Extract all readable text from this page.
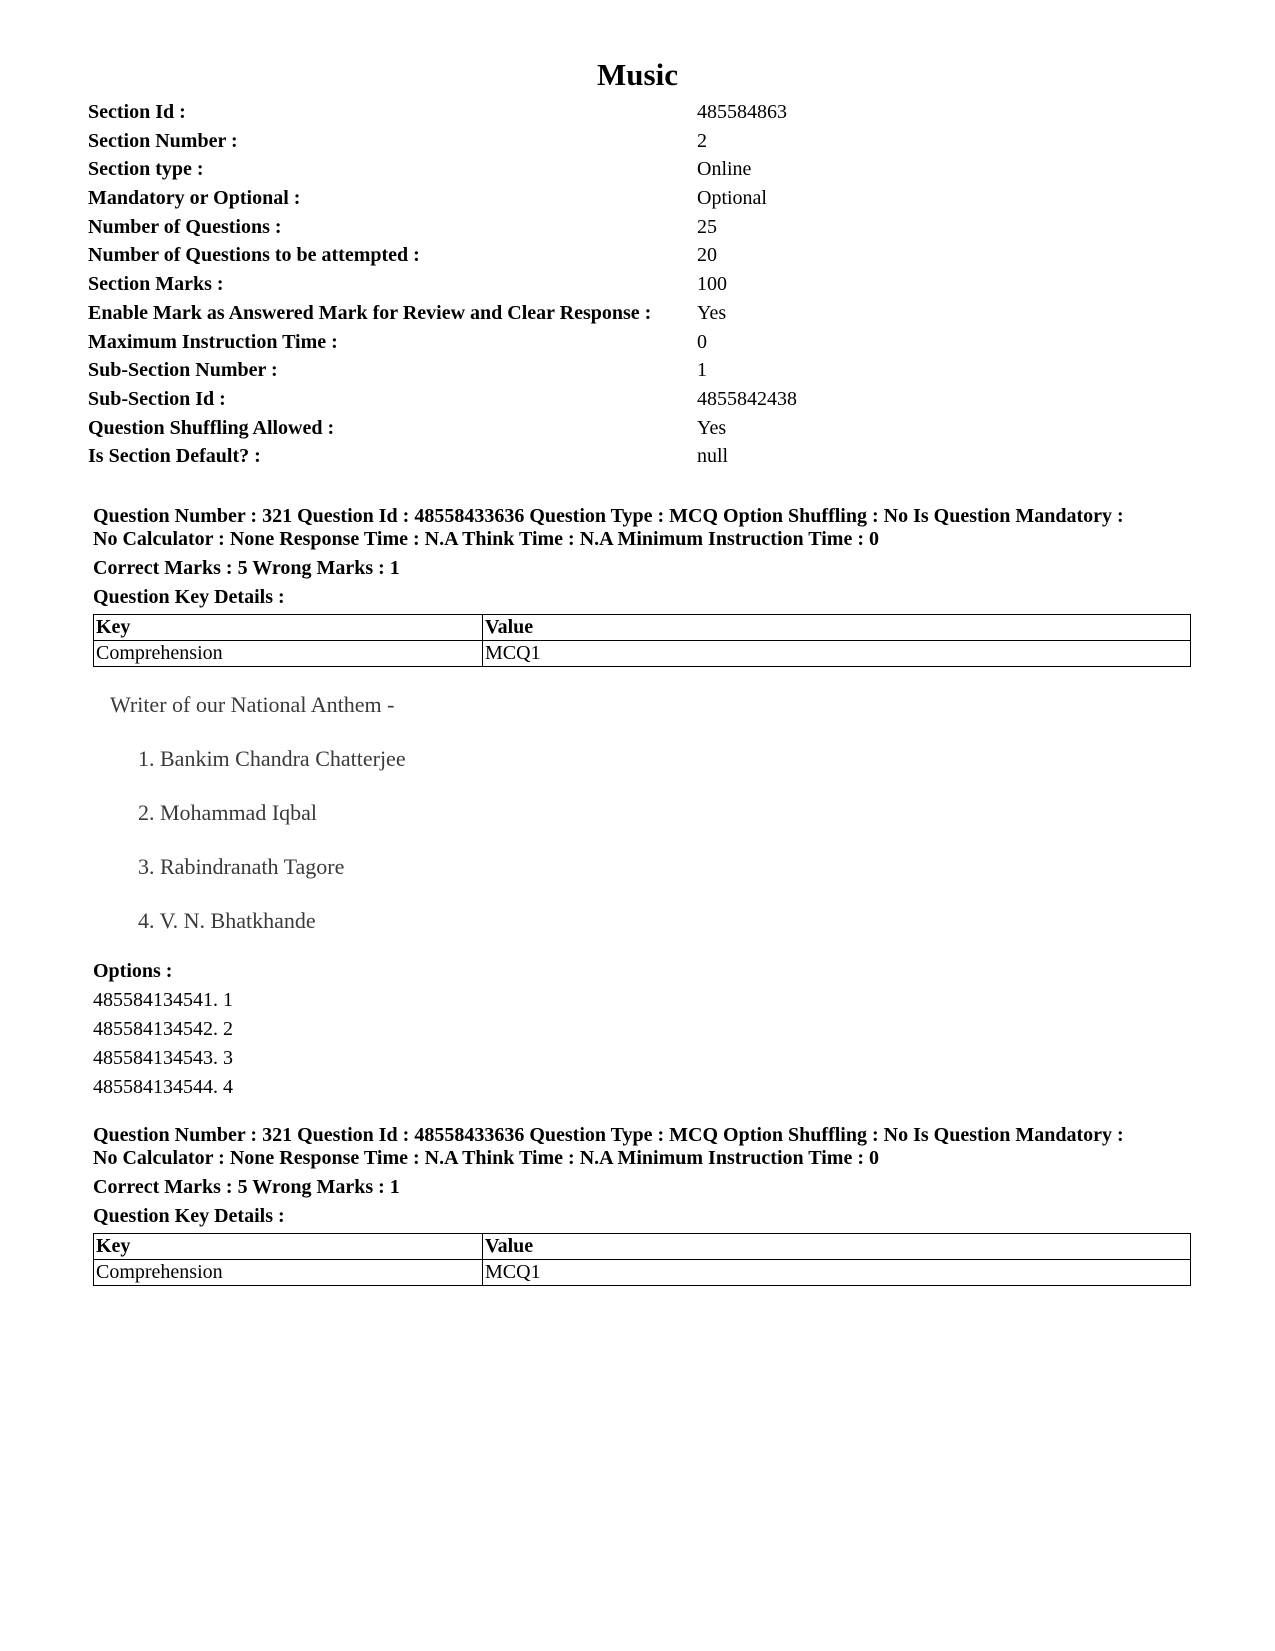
Music
Section Id :	485584863
Section Number :	2
Section type :	Online
Mandatory or Optional :	Optional
Number of Questions :	25
Number of Questions to be attempted :	20
Section Marks :	100
Enable Mark as Answered Mark for Review and Clear Response :	Yes
Maximum Instruction Time :	0
Sub-Section Number :	1
Sub-Section Id :	4855842438
Question Shuffling Allowed :	Yes
Is Section Default? :	null
Question Number : 321 Question Id : 48558433636 Question Type : MCQ Option Shuffling : No Is Question Mandatory :
No Calculator : None Response Time : N.A Think Time : N.A Minimum Instruction Time : 0
Correct Marks : 5 Wrong Marks : 1
Question Key Details :
Key	Value
Comprehension	MCQ1
Writer of our National Anthem -
1. Bankim Chandra Chatterjee
2. Mohammad Iqbal
3. Rabindranath Tagore
4. V. N. Bhatkhande
Options :
485584134541. 1
485584134542. 2
485584134543. 3
485584134544. 4
Question Number : 321 Question Id : 48558433636 Question Type : MCQ Option Shuffling : No Is Question Mandatory :
No Calculator : None Response Time : N.A Think Time : N.A Minimum Instruction Time : 0
Correct Marks : 5 Wrong Marks : 1
Question Key Details :
Key	Value
Comprehension	MCQ1
